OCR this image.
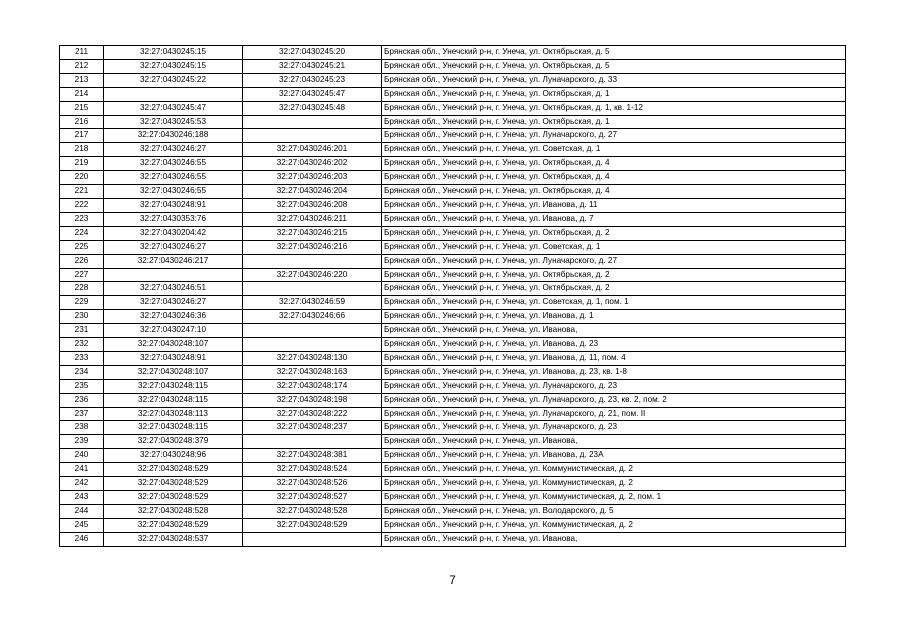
211	32:27:0430245:15	32:27:0430245:20	Брянская обл., Унечский р-н, г. Унеча, ул. Октябрьская, д. 5
212	32:27:0430245:15	32:27:0430245:21	Брянская обл., Унечский р-н, г. Унеча, ул. Октябрьская, д. 5
213	32:27:0430245:22	32:27:0430245:23	Брянская обл., Унечский р-н, г. Унеча, ул. Луначарского, д. 33
214		32:27:0430245:47	Брянская обл., Унечский р-н, г. Унеча, ул. Октябрьская, д. 1
215	32:27:0430245:47	32:27:0430245:48	Брянская обл., Унечский р-н, г. Унеча, ул. Октябрьская, д. 1, кв. 1-12
216	32:27:0430245:53		Брянская обл., Унечский р-н, г. Унеча, ул. Октябрьская, д. 1
217	32:27:0430246:188		Брянская обл., Унечский р-н, г. Унеча, ул. Луначарского, д. 27
218	32:27:0430246:27	32:27:0430246:201	Брянская обл., Унечский р-н, г. Унеча, ул. Советская, д. 1
219	32:27:0430246:55	32:27:0430246:202	Брянская обл., Унечский р-н, г. Унеча, ул. Октябрьская, д. 4
220	32:27:0430246:55	32:27:0430246:203	Брянская обл., Унечский р-н, г. Унеча, ул. Октябрьская, д. 4
221	32:27:0430246:55	32:27:0430246:204	Брянская обл., Унечский р-н, г. Унеча, ул. Октябрьская, д. 4
222	32:27:0430248:91	32:27:0430246:208	Брянская обл., Унечский р-н, г. Унеча, ул. Иванова, д. 11
223	32:27:0430353:76	32:27:0430246:211	Брянская обл., Унечский р-н, г. Унеча, ул. Иванова, д. 7
224	32:27:0430204:42	32:27:0430246:215	Брянская обл., Унечский р-н, г. Унеча, ул. Октябрьская, д. 2
225	32:27:0430246:27	32:27:0430246:216	Брянская обл., Унечский р-н, г. Унеча, ул. Советская, д. 1
226	32:27:0430246:217		Брянская обл., Унечский р-н, г. Унеча, ул. Луначарского, д. 27
227		32:27:0430246:220	Брянская обл., Унечский р-н, г. Унеча, ул. Октябрьская, д. 2
228	32:27:0430246:51		Брянская обл., Унечский р-н, г. Унеча, ул. Октябрьская, д. 2
229	32:27:0430246:27	32:27:0430246:59	Брянская обл., Унечский р-н, г. Унеча, ул. Советская, д. 1, пом. 1
230	32:27:0430246:36	32:27:0430246:66	Брянская обл., Унечский р-н, г. Унеча, ул. Иванова, д. 1
231	32:27:0430247:10		Брянская обл., Унечский р-н, г. Унеча, ул. Иванова,
232	32:27:0430248:107		Брянская обл., Унечский р-н, г. Унеча, ул. Иванова, д. 23
233	32:27:0430248:91	32:27:0430248:130	Брянская обл., Унечский р-н, г. Унеча, ул. Иванова, д. 11, пом. 4
234	32:27:0430248:107	32:27:0430248:163	Брянская обл., Унечский р-н, г. Унеча, ул. Иванова, д. 23, кв. 1-8
235	32:27:0430248:115	32:27:0430248:174	Брянская обл., Унечский р-н, г. Унеча, ул. Луначарского, д. 23
236	32:27:0430248:115	32:27:0430248:198	Брянская обл., Унечский р-н, г. Унеча, ул. Луначарского, д. 23, кв. 2, пом. 2
237	32:27:0430248:113	32:27:0430248:222	Брянская обл., Унечский р-н, г. Унеча, ул. Луначарского, д. 21, пом. II
238	32:27:0430248:115	32:27:0430248:237	Брянская обл., Унечский р-н, г. Унеча, ул. Луначарского, д. 23
239	32:27:0430248:379		Брянская обл., Унечский р-н, г. Унеча, ул. Иванова,
240	32:27:0430248:96	32:27:0430248:381	Брянская обл., Унечский р-н, г. Унеча, ул. Иванова, д. 23А
241	32:27:0430248:529	32:27:0430248:524	Брянская обл., Унечский р-н, г. Унеча, ул. Коммунистическая, д. 2
242	32:27:0430248:529	32:27:0430248:526	Брянская обл., Унечский р-н, г. Унеча, ул. Коммунистическая, д. 2
243	32:27:0430248:529	32:27:0430248:527	Брянская обл., Унечский р-н, г. Унеча, ул. Коммунистическая, д. 2, пом. 1
244	32:27:0430248:528	32:27:0430248:528	Брянская обл., Унечский р-н, г. Унеча, ул. Володарского, д. 5
245	32:27:0430248:529	32:27:0430248:529	Брянская обл., Унечский р-н, г. Унеча, ул. Коммунистическая, д. 2
246	32:27:0430248:537		Брянская обл., Унечский р-н, г. Унеча, ул. Иванова,
7
